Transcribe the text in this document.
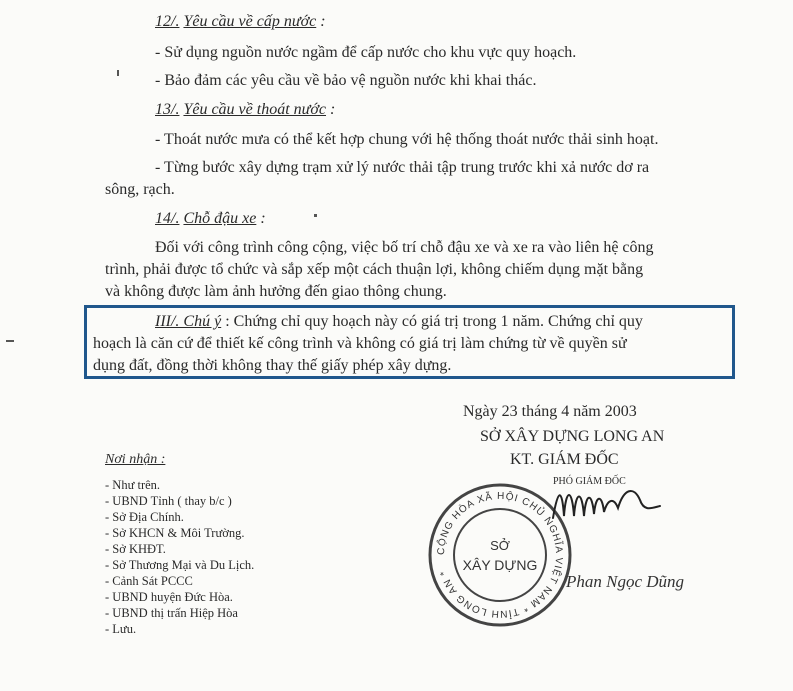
12/. Yêu cầu về cấp nước :
- Sử dụng nguồn nước ngầm để cấp nước cho khu vực quy hoạch.
- Bảo đảm các yêu cầu về bảo vệ nguồn nước khi khai thác.
13/. Yêu cầu về thoát nước :
- Thoát nước mưa có thể kết hợp chung với hệ thống thoát nước thải sinh hoạt.
- Từng bước xây dựng trạm xử lý nước thải tập trung trước khi xả nước dơ ra
sông, rạch.
14/. Chỗ đậu xe :
Đối với công trình công cộng, việc bố trí chỗ đậu xe và xe ra vào liên hệ công
trình, phải được tổ chức và sắp xếp một cách thuận lợi, không chiếm dụng mặt bằng
và không được làm ảnh hưởng đến giao thông chung.
III/. Chú ý : Chứng chỉ quy hoạch này có giá trị trong 1 năm. Chứng chỉ quy
hoạch là căn cứ để thiết kế công trình và không có giá trị làm chứng từ về quyền sử
dụng đất, đồng thời không thay thế giấy phép xây dựng.
Ngày 23 tháng 4 năm 2003
SỞ XÂY DỰNG LONG AN
KT. GIÁM ĐỐC
PHÓ GIÁM ĐỐC
CỘNG HÒA XÃ HỘI CHỦ NGHĨA VIỆT NAM * TỈNH LONG AN *
SỞ
XÂY DỰNG
Phan Ngọc Dũng
Nơi nhận :
- Như trên.
- UBND Tỉnh ( thay b/c )
- Sở Địa Chính.
- Sở KHCN & Môi Trường.
- Sở KHĐT.
- Sở Thương Mại và Du Lịch.
- Cảnh Sát PCCC
- UBND huyện Đức Hòa.
- UBND thị trấn Hiệp Hòa
- Lưu.
